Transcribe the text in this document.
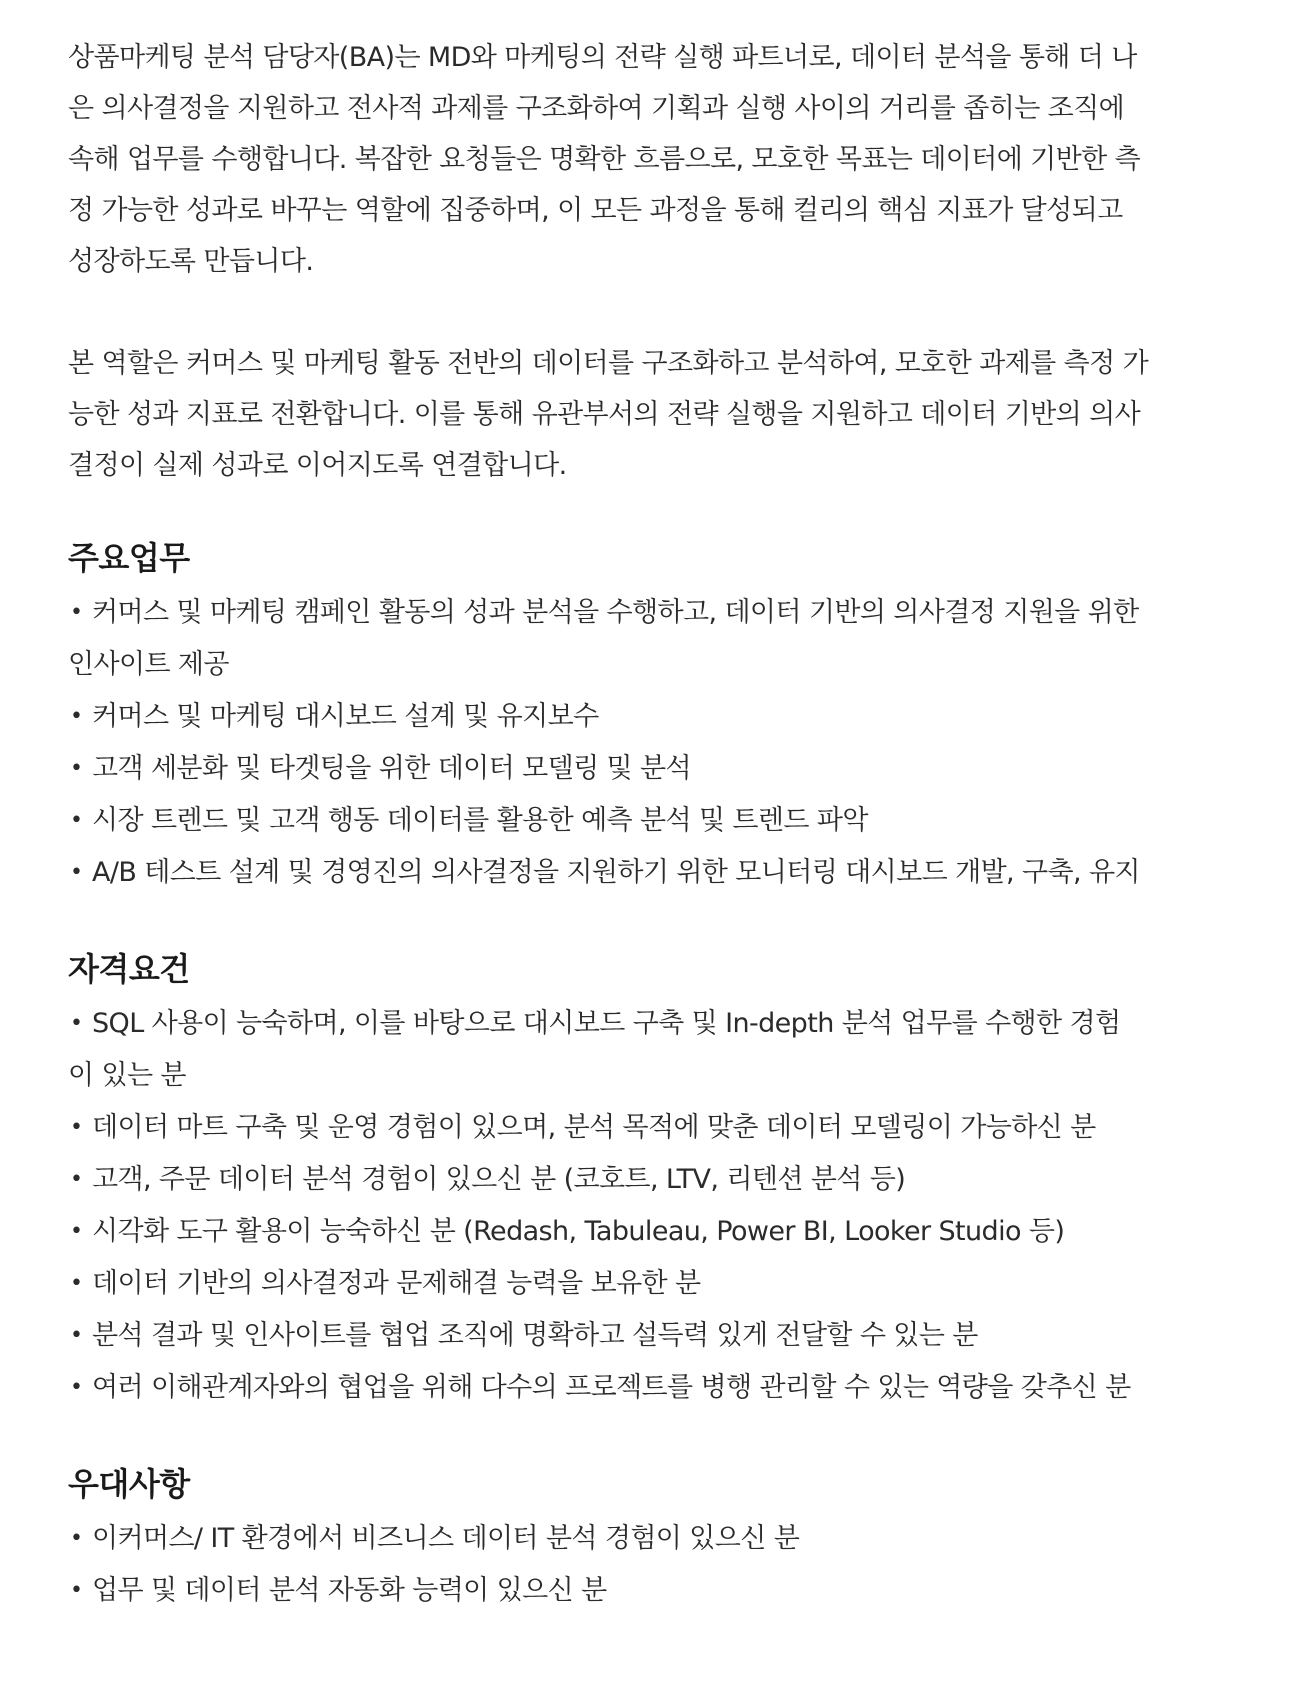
상품마케팅 분석 담당자(BA)는 MD와 마케팅의 전략 실행 파트너로, 데이터 분석을 통해 더 나
은 의사결정을 지원하고 전사적 과제를 구조화하여 기획과 실행 사이의 거리를 좁히는 조직에
속해 업무를 수행합니다. 복잡한 요청들은 명확한 흐름으로, 모호한 목표는 데이터에 기반한 측
정 가능한 성과로 바꾸는 역할에 집중하며, 이 모든 과정을 통해 컬리의 핵심 지표가 달성되고
성장하도록 만듭니다.

본 역할은 커머스 및 마케팅 활동 전반의 데이터를 구조화하고 분석하여, 모호한 과제를 측정 가
능한 성과 지표로 전환합니다. 이를 통해 유관부서의 전략 실행을 지원하고 데이터 기반의 의사
결정이 실제 성과로 이어지도록 연결합니다.

주요업무
• 커머스 및 마케팅 캠페인 활동의 성과 분석을 수행하고, 데이터 기반의 의사결정 지원을 위한
인사이트 제공
• 커머스 및 마케팅 대시보드 설계 및 유지보수
• 고객 세분화 및 타겟팅을 위한 데이터 모델링 및 분석
• 시장 트렌드 및 고객 행동 데이터를 활용한 예측 분석 및 트렌드 파악
• A/B 테스트 설계 및 경영진의 의사결정을 지원하기 위한 모니터링 대시보드 개발, 구축, 유지
자격요건
• SQL 사용이 능숙하며, 이를 바탕으로 대시보드 구축 및 In-depth 분석 업무를 수행한 경험
이 있는 분
• 데이터 마트 구축 및 운영 경험이 있으며, 분석 목적에 맞춘 데이터 모델링이 가능하신 분
• 고객, 주문 데이터 분석 경험이 있으신 분 (코호트, LTV, 리텐션 분석 등)
• 시각화 도구 활용이 능숙하신 분 (Redash, Tabuleau, Power BI, Looker Studio 등)
• 데이터 기반의 의사결정과 문제해결 능력을 보유한 분
• 분석 결과 및 인사이트를 협업 조직에 명확하고 설득력 있게 전달할 수 있는 분
• 여러 이해관계자와의 협업을 위해 다수의 프로젝트를 병행 관리할 수 있는 역량을 갖추신 분
우대사항
• 이커머스/ IT 환경에서 비즈니스 데이터 분석 경험이 있으신 분
• 업무 및 데이터 분석 자동화 능력이 있으신 분
